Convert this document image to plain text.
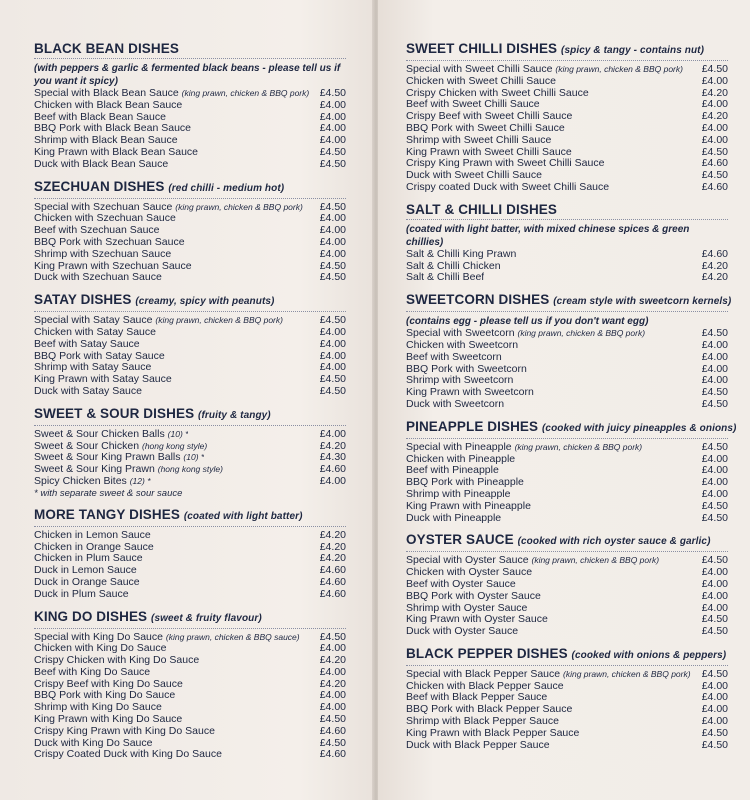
BLACK BEAN DISHES
(with peppers & garlic & fermented black beans - please tell us if you want it spicy)
Special with Black Bean Sauce (king prawn, chicken & BBQ pork) £4.50
Chicken with Black Bean Sauce	£4.00
Beef with Black Bean Sauce	£4.00
BBQ Pork with Black Bean Sauce	£4.00
Shrimp with Black Bean Sauce	£4.00
King Prawn with Black Bean Sauce	£4.50
Duck with Black Bean Sauce	£4.50
SZECHUAN DISHES (red chilli - medium hot)
Special with Szechuan Sauce (king prawn, chicken & BBQ pork)	£4.50
Chicken with Szechuan Sauce	£4.00
Beef with Szechuan Sauce	£4.00
BBQ Pork with Szechuan Sauce	£4.00
Shrimp with Szechuan Sauce	£4.00
King Prawn with Szechuan Sauce	£4.50
Duck with Szechuan Sauce	£4.50
SATAY DISHES (creamy, spicy with peanuts)
Special with Satay Sauce (king prawn, chicken & BBQ pork)	£4.50
Chicken with Satay Sauce	£4.00
Beef with Satay Sauce	£4.00
BBQ Pork with Satay Sauce	£4.00
Shrimp with Satay Sauce	£4.00
King Prawn with Satay Sauce	£4.50
Duck with Satay Sauce	£4.50
SWEET & SOUR DISHES (fruity & tangy)
Sweet & Sour Chicken Balls (10) *	£4.00
Sweet & Sour Chicken (hong kong style)	£4.20
Sweet & Sour King Prawn Balls (10) *	£4.30
Sweet & Sour King Prawn (hong kong style)	£4.60
Spicy Chicken Bites (12) *	£4.00
* with separate sweet & sour sauce
MORE TANGY DISHES (coated with light batter)
Chicken in Lemon Sauce	£4.20
Chicken in Orange Sauce	£4.20
Chicken in Plum Sauce	£4.20
Duck in Lemon Sauce	£4.60
Duck in Orange Sauce	£4.60
Duck in Plum Sauce	£4.60
KING DO DISHES (sweet & fruity flavour)
Special with King Do Sauce (king prawn, chicken & BBQ sauce)	£4.50
Chicken with King Do Sauce	£4.00
Crispy Chicken with King Do Sauce	£4.20
Beef with King Do Sauce	£4.00
Crispy Beef with King Do Sauce	£4.20
BBQ Pork with King Do Sauce	£4.00
Shrimp with King Do Sauce	£4.00
King Prawn with King Do Sauce	£4.50
Crispy King Prawn with King Do Sauce	£4.60
Duck with King Do Sauce	£4.50
Crispy Coated Duck with King Do Sauce	£4.60
SWEET CHILLI DISHES (spicy & tangy - contains nut)
Special with Sweet Chilli Sauce (king prawn, chicken & BBQ pork)	£4.50
Chicken with Sweet Chilli Sauce	£4.00
Crispy Chicken with Sweet Chilli Sauce	£4.20
Beef with Sweet Chilli Sauce	£4.00
Crispy Beef with Sweet Chilli Sauce	£4.20
BBQ Pork with Sweet Chilli Sauce	£4.00
Shrimp with Sweet Chilli Sauce	£4.00
King Prawn with Sweet Chilli Sauce	£4.50
Crispy King Prawn with Sweet Chilli Sauce	£4.60
Duck with Sweet Chilli Sauce	£4.50
Crispy coated Duck with Sweet Chilli Sauce	£4.60
SALT & CHILLI DISHES
(coated with light batter, with mixed chinese spices & green chillies)
Salt & Chilli King Prawn	£4.60
Salt & Chilli Chicken	£4.20
Salt & Chilli Beef	£4.20
SWEETCORN DISHES (cream style with sweetcorn kernels)
(contains egg - please tell us if you don't want egg)
Special with Sweetcorn (king prawn, chicken & BBQ pork)	£4.50
Chicken with Sweetcorn	£4.00
Beef with Sweetcorn	£4.00
BBQ Pork with Sweetcorn	£4.00
Shrimp with Sweetcorn	£4.00
King Prawn with Sweetcorn	£4.50
Duck with Sweetcorn	£4.50
PINEAPPLE DISHES (cooked with juicy pineapples & onions)
Special with Pineapple (king prawn, chicken & BBQ pork)	£4.50
Chicken with Pineapple	£4.00
Beef with Pineapple	£4.00
BBQ Pork with Pineapple	£4.00
Shrimp with Pineapple	£4.00
King Prawn with Pineapple	£4.50
Duck with Pineapple	£4.50
OYSTER SAUCE (cooked with rich oyster sauce & garlic)
Special with Oyster Sauce (king prawn, chicken & BBQ pork)	£4.50
Chicken with Oyster Sauce	£4.00
Beef with Oyster Sauce	£4.00
BBQ Pork with Oyster Sauce	£4.00
Shrimp with Oyster Sauce	£4.00
King Prawn with Oyster Sauce	£4.50
Duck with Oyster Sauce	£4.50
BLACK PEPPER DISHES (cooked with onions & peppers)
Special with Black Pepper Sauce (king prawn, chicken & BBQ pork)	£4.50
Chicken with Black Pepper Sauce	£4.00
Beef with Black Pepper Sauce	£4.00
BBQ Pork with Black Pepper Sauce	£4.00
Shrimp with Black Pepper Sauce	£4.00
King Prawn with Black Pepper Sauce	£4.50
Duck with Black Pepper Sauce	£4.50
